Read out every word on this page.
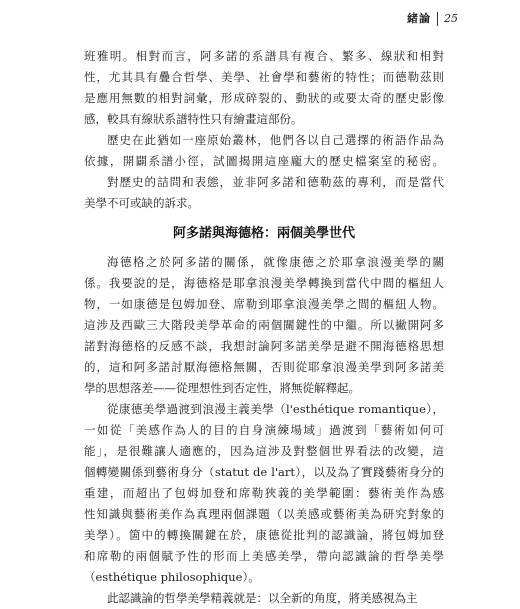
緒論 25
班雅明。相對而言，阿多諾的系譜具有複合、繁多、線狀和相對
性，尤其具有疊合哲學、美學、社會學和藝術的特性；而德勒茲則
是應用無數的相對詞彙，形成碎裂的、動狀的或要太奇的歷史影像
感，較具有線狀系譜特性只有繪畫這部份。
歷史在此猶如一座原始叢林，他們各以自己選擇的術語作品為
依據，開闢系譜小徑，試圖揭開這座龐大的歷史檔案室的秘密。
對歷史的詰問和表態，並非阿多諾和德勒茲的專利，而是當代
美學不可或缺的訴求。
阿多諾與海德格：兩個美學世代
海德格之於阿多諾的關係，就像康德之於耶拿浪漫美學的關
係。我要說的是，海德格是耶拿浪漫美學轉換到當代中間的樞紐人
物，一如康德是包姆加登、席勒到耶拿浪漫美學之間的樞紐人物。
這涉及西歐三大階段美學革命的兩個關鍵性的中繼。所以撇開阿多
諾對海德格的反感不談，我想討論阿多諾美學是避不開海德格思想
的，這和阿多諾討厭海德格無關，否則從耶拿浪漫美學到阿多諾美
學的思想落差——從理想性到否定性，將無從解釋起。
從康德美學過渡到浪漫主義美學（l'esthétique romantique），
一如從「美感作為人的目的自身演練場域」過渡到「藝術如何可
能」，是很難讓人適應的，因為這涉及對整個世界看法的改變，這
個轉變關係到藝術身分（statut de l'art），以及為了實踐藝術身分的
重建，而超出了包姆加登和席勒狹義的美學範圍：藝術美作為感
性知識與藝術美作為真理兩個課題（以美感或藝術美為研究對象的
美學）。箇中的轉換關鍵在於，康德從批判的認識論，將包姆加登
和席勒的兩個賦予性的形而上美感美學，帶向認識論的哲學美學
（esthétique philosophique）。
此認識論的哲學美學精義就是：以全新的角度，將美感視為主
